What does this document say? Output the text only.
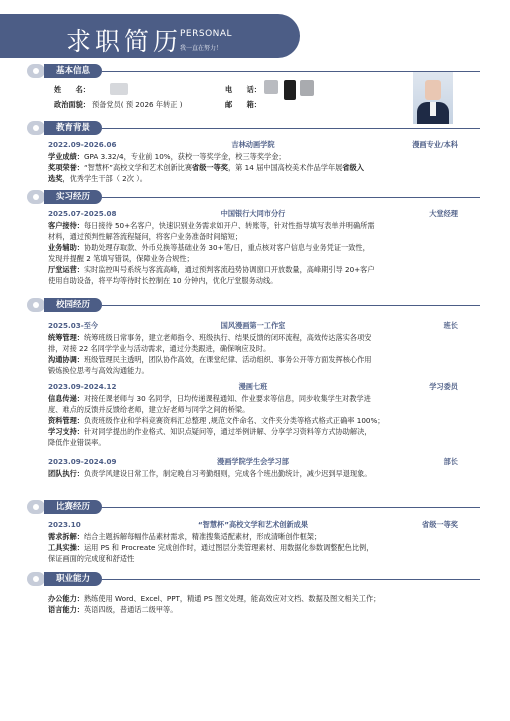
求职简历
PERSONAL
我一直在努力！
基本信息
姓　　名：
政治面貌： 预备党员( 预 2026 年转正 )
电　　话：
邮　　箱：
教育背景
2022.09-2026.06	吉林动画学院	漫画专业/本科
学业成绩：GPA 3.32/4，专业前 10%，获校一等奖学金，校三等奖学金；
奖项荣誉：“智慧杯”高校文学和艺术创新比赛省级一等奖，第 14 届中国高校美术作品学年展省级入
选奖，优秀学生干部（ 2次 ）。
实习经历
2025.07-2025.08	中国银行大同市分行	大堂经理
客户接待：每日接待 50+名客户，快速识别业务需求如开户、转账等，针对性指导填写表单并明确所需
材料，通过预判性解答流程疑问，将客户业务准备时间缩短；
业务辅助：协助处理存取款、外币兑换等基础业务 30+笔/日，重点核对客户信息与业务凭证一致性，
发现并提醒 2 笔填写错误，保障业务合规性；
厅堂运营：实时监控叫号系统与客流高峰，通过预判客流趋势协调窗口开放数量，高峰期引导 20+客户
使用自助设备，将平均等待时长控制在 10 分钟内，优化厅堂服务动线。
校园经历
2025.03-至今	国风漫画第一工作室	班长
统筹管理：统筹班级日常事务，建立老师指令、班级执行、结果反馈的闭环流程，高效传达落实各项安
排，对接 22 名同学学业与活动需求，通过分类跟进，确保响应及时。
沟通协调：班级管理民主透明，团队协作高效，在课堂纪律、活动组织、事务公开等方面发挥核心作用
锻炼换位思考与高效沟通能力。
2023.09-2024.12	漫画七班	学习委员
信息传递：对接任课老师与 30 名同学，日均传递课程通知、作业要求等信息，同步收集学生对教学进
度、难点的反馈并反馈给老师，建立好老师与同学之间的桥梁。
资料管理：负责班级作业和学科竞赛资料汇总整理 ,规范文件命名、文件夹分类等格式格式正确率 100%；
学习支持：针对同学提出的作业格式、知识点疑问等，通过举例讲解、分享学习资料等方式协助解决，
降低作业错误率。
2023.09-2024.09	漫画学院学生会学习部	部长
团队执行：负责学风建设日常工作，制定晚自习考勤细则，完成各个班出勤统计，减少迟到早退现象。
比赛经历
2023.10	“智慧杯”高校文学和艺术创新成果	省级一等奖
需求拆解：结合主题拆解每幅作品素材需求，精准搜集适配素材，形成清晰创作框架；
工具实操：运用 PS 和 Procreate 完成创作时，通过图层分类管理素材、用数据化参数调整配色比例，
保证画面的完成度和舒适性
职业能力
办公能力：熟练使用 Word、Excel、PPT，精通 PS 图文处理，能高效应对文档、数据及图文相关工作；
语言能力：英语四级，普通话二级甲等。
